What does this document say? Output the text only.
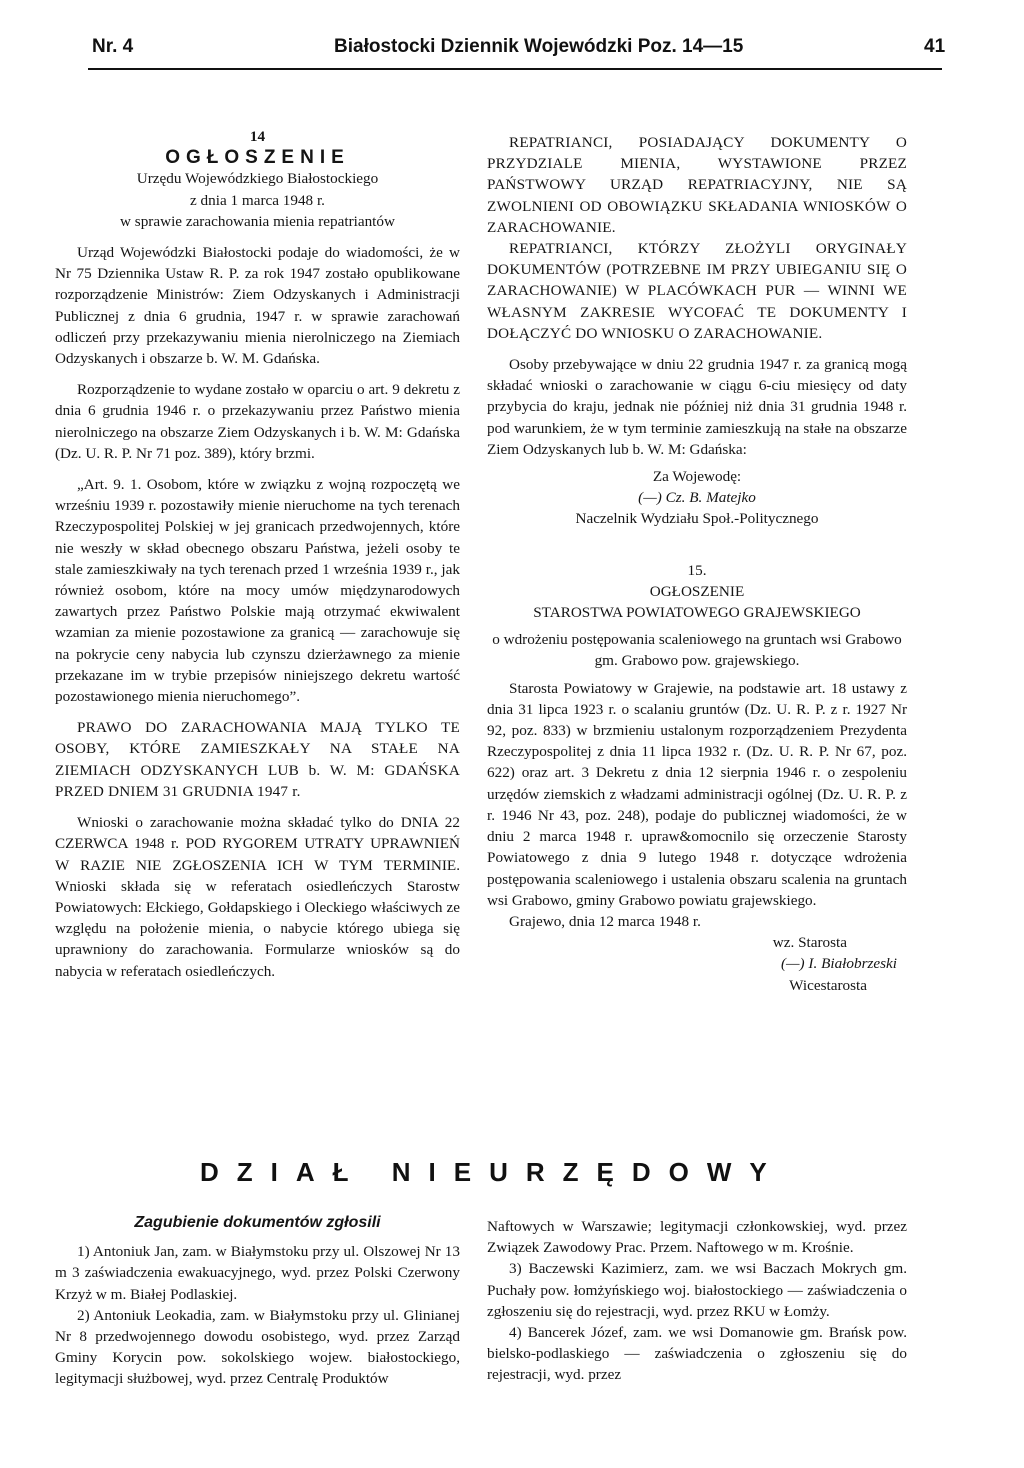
Nr. 4	Białostocki Dziennik Wojewódzki Poz. 14—15	41

14

OGŁOSZENIE

Urzędu Wojewódzkiego Białostockiego

z dnia 1 marca 1948 r.

w sprawie zarachowania mienia repatriantów

Urząd Wojewódzki Białostocki podaje do wiadomości, że w Nr 75 Dziennika Ustaw R. P. za rok 1947 zostało opublikowane rozporządzenie Ministrów: Ziem Odzyskanych i Administracji Publicznej z dnia 6 grudnia, 1947 r. w sprawie zarachowań odliczeń przy przekazywaniu mienia nierolniczego na Ziemiach Odzyskanych i obszarze b. W. M. Gdańska.

Rozporządzenie to wydane zostało w oparciu o art. 9 dekretu z dnia 6 grudnia 1946 r. o przekazywaniu przez Państwo mienia nierolniczego na obszarze Ziem Odzyskanych i b. W. M: Gdańska (Dz. U. R. P. Nr 71 poz. 389), który brzmi.

„Art. 9. 1. Osobom, które w związku z wojną rozpoczętą we wrześniu 1939 r. pozostawiły mienie nieruchome na tych terenach Rzeczypospolitej Polskiej w jej granicach przedwojennych, które nie weszły w skład obecnego obszaru Państwa, jeżeli osoby te stale zamieszkiwały na tych terenach przed 1 września 1939 r., jak również osobom, które na mocy umów międzynarodowych zawartych przez Państwo Polskie mają otrzymać ekwiwalent wzamian za mienie pozostawione za granicą — zarachowuje się na pokrycie ceny nabycia lub czynszu dzierżawnego za mienie przekazane im w trybie przepisów niniejszego dekretu wartość pozostawionego mienia nieruchomego”.

PRAWO DO ZARACHOWANIA MAJĄ TYLKO TE OSOBY, KTÓRE ZAMIESZKAŁY NA STAŁE NA ZIEMIACH ODZYSKANYCH LUB b. W. M: GDAŃSKA PRZED DNIEM 31 GRUDNIA 1947 r.

Wnioski o zarachowanie można składać tylko do DNIA 22 CZERWCA 1948 r. POD RYGOREM UTRATY UPRAWNIEŃ W RAZIE NIE ZGŁOSZENIA ICH W TYM TERMINIE. Wnioski składa się w referatach osiedleńczych Starostw Powiatowych: Ełckiego, Gołdapskiego i Oleckiego właściwych ze względu na położenie mienia, o nabycie którego ubiega się uprawniony do zarachowania. Formularze wniosków są do nabycia w referatach osiedleńczych.

REPATRIANCI, POSIADAJĄCY DOKUMENTY O PRZYDZIALE MIENIA, WYSTAWIONE PRZEZ PAŃSTWOWY URZĄD REPATRIACYJNY, NIE SĄ ZWOLNIENI OD OBOWIĄZKU SKŁADANIA WNIOSKÓW O ZARACHOWANIE.

REPATRIANCI, KTÓRZY ZŁOŻYLI ORYGINAŁY DOKUMENTÓW (POTRZEBNE IM PRZY UBIEGANIU SIĘ O ZARACHOWANIE) W PLACÓWKACH PUR — WINNI WE WŁASNYM ZAKRESIE WYCOFAĆ TE DOKUMENTY I DOŁĄCZYĆ DO WNIOSKU O ZARACHOWANIE.

Osoby przebywające w dniu 22 grudnia 1947 r. za granicą mogą składać wnioski o zarachowanie w ciągu 6-ciu miesięcy od daty przybycia do kraju, jednak nie później niż dnia 31 grudnia 1948 r. pod warunkiem, że w tym terminie zamieszkują na stałe na obszarze Ziem Odzyskanych lub b. W. M: Gdańska:

Za Wojewodę:

(—) Cz. B. Matejko

Naczelnik Wydziału Społ.-Politycznego

15.

OGŁOSZENIE

STAROSTWA POWIATOWEGO GRAJEWSKIEGO

o wdrożeniu postępowania scaleniowego na gruntach wsi Grabowo gm. Grabowo pow. grajewskiego.

Starosta Powiatowy w Grajewie, na podstawie art. 18 ustawy z dnia 31 lipca 1923 r. o scalaniu gruntów (Dz. U. R. P. z r. 1927 Nr 92, poz. 833) w brzmieniu ustalonym rozporządzeniem Prezydenta Rzeczypospolitej z dnia 11 lipca 1932 r. (Dz. U. R. P. Nr 67, poz. 622) oraz art. 3 Dekretu z dnia 12 sierpnia 1946 r. o zespoleniu urzędów ziemskich z władzami administracji ogólnej (Dz. U. R. P. z r. 1946 Nr 43, poz. 248), podaje do publicznej wiadomości, że w dniu 2 marca 1948 r. upraw&omocnilo się orzeczenie Starosty Powiatowego z dnia 9 lutego 1948 r. dotyczące wdrożenia postępowania scaleniowego i ustalenia obszaru scalenia na gruntach wsi Grabowo, gminy Grabowo powiatu grajewskiego.

Grajewo, dnia 12 marca 1948 r.

wz. Starosta

(—) I. Białobrzeski

Wicestarosta

DZIAŁ NIEURZĘDOWY

Zagubienie dokumentów zgłosili

1) Antoniuk Jan, zam. w Białymstoku przy ul. Olszowej Nr 13 m 3 zaświadczenia ewakuacyjnego, wyd. przez Polski Czerwony Krzyż w m. Białej Podlaskiej.

2) Antoniuk Leokadia, zam. w Białymstoku przy ul. Glinianej Nr 8 przedwojennego dowodu osobistego, wyd. przez Zarząd Gminy Korycin pow. sokolskiego wojew. białostockiego, legitymacji służbowej, wyd. przez Centralę Produktów

Naftowych w Warszawie; legitymacji członkowskiej, wyd. przez Związek Zawodowy Prac. Przem. Naftowego w m. Krośnie.

3) Baczewski Kazimierz, zam. we wsi Baczach Mokrych gm. Puchały pow. łomżyńskiego woj. białostockiego — zaświadczenia o zgłoszeniu się do rejestracji, wyd. przez RKU w Łomży.

4) Bancerek Józef, zam. we wsi Domanowie gm. Brańsk pow. bielsko-podlaskiego — zaświadczenia o zgłoszeniu się do rejestracji, wyd. przez
